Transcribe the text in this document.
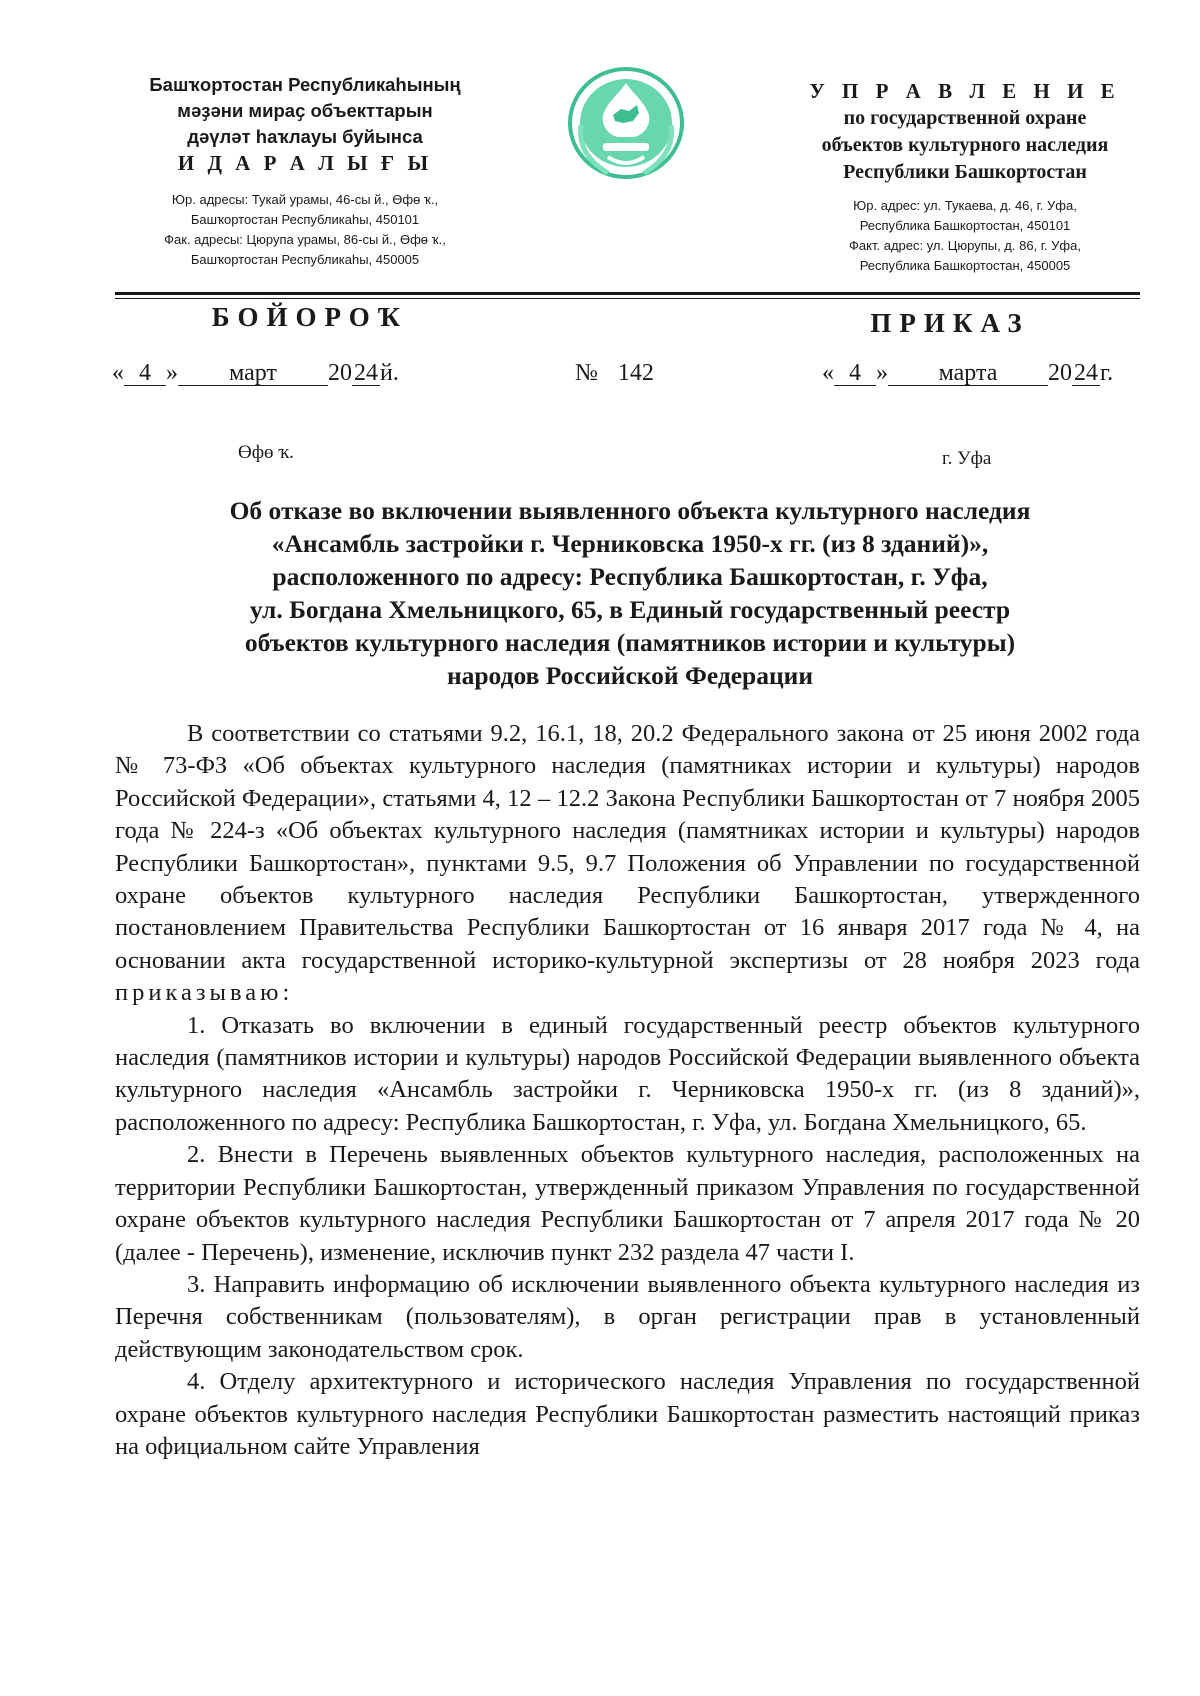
Башҡортостан Республикаһының
мәҙәни мираҫ объекттарын
дәүләт һаҡлауы буйынса
И Д А Р А Л Ы Ғ Ы
Юр. адресы: Тукай урамы, 46-сы й., Өфө ҡ.,
Башҡортостан Республикаһы, 450101
Фак. адресы: Цюрупа урамы, 86-сы й., Өфө ҡ.,
Башҡортостан Республикаһы, 450005
У П Р А В Л Е Н И Е
по государственной охране
объектов культурного наследия
Республики Башкортостан
Юр. адрес: ул. Тукаева, д. 46, г. Уфа,
Республика Башкортостан, 450101
Факт. адрес: ул. Цюрупы, д. 86, г. Уфа,
Республика Башкортостан, 450005
БОЙОРОҠ	ПРИКАЗ
« 4 » март 2024й.	№ 142	« 4 » марта 2024г.
Өфө ҡ.	г. Уфа
Об отказе во включении выявленного объекта культурного наследия
«Ансамбль застройки г. Черниковска 1950-х гг. (из 8 зданий)»,
расположенного по адресу: Республика Башкортостан, г. Уфа,
ул. Богдана Хмельницкого, 65, в Единый государственный реестр
объектов культурного наследия (памятников истории и культуры)
народов Российской Федерации

В соответствии со статьями 9.2, 16.1, 18, 20.2 Федерального закона от 25 июня 2002 года № 73-ФЗ «Об объектах культурного наследия (памятниках истории и культуры) народов Российской Федерации», статьями 4, 12 – 12.2 Закона Республики Башкортостан от 7 ноября 2005 года № 224-з «Об объектах культурного наследия (памятниках истории и культуры) народов Республики Башкортостан», пунктами 9.5, 9.7 Положения об Управлении по государственной охране объектов культурного наследия Республики Башкортостан, утвержденного постановлением Правительства Республики Башкортостан от 16 января 2017 года № 4, на основании акта государственной историко-культурной экспертизы от 28 ноября 2023 года приказываю:

1. Отказать во включении в единый государственный реестр объектов культурного наследия (памятников истории и культуры) народов Российской Федерации выявленного объекта культурного наследия «Ансамбль застройки г. Черниковска 1950-х гг. (из 8 зданий)», расположенного по адресу: Республика Башкортостан, г. Уфа, ул. Богдана Хмельницкого, 65.

2. Внести в Перечень выявленных объектов культурного наследия, расположенных на территории Республики Башкортостан, утвержденный приказом Управления по государственной охране объектов культурного наследия Республики Башкортостан от 7 апреля 2017 года № 20 (далее - Перечень), изменение, исключив пункт 232 раздела 47 части I.

3. Направить информацию об исключении выявленного объекта культурного наследия из Перечня собственникам (пользователям), в орган регистрации прав в установленный действующим законодательством срок.

4. Отделу архитектурного и исторического наследия Управления по государственной охране объектов культурного наследия Республики Башкортостан разместить настоящий приказ на официальном сайте Управления
